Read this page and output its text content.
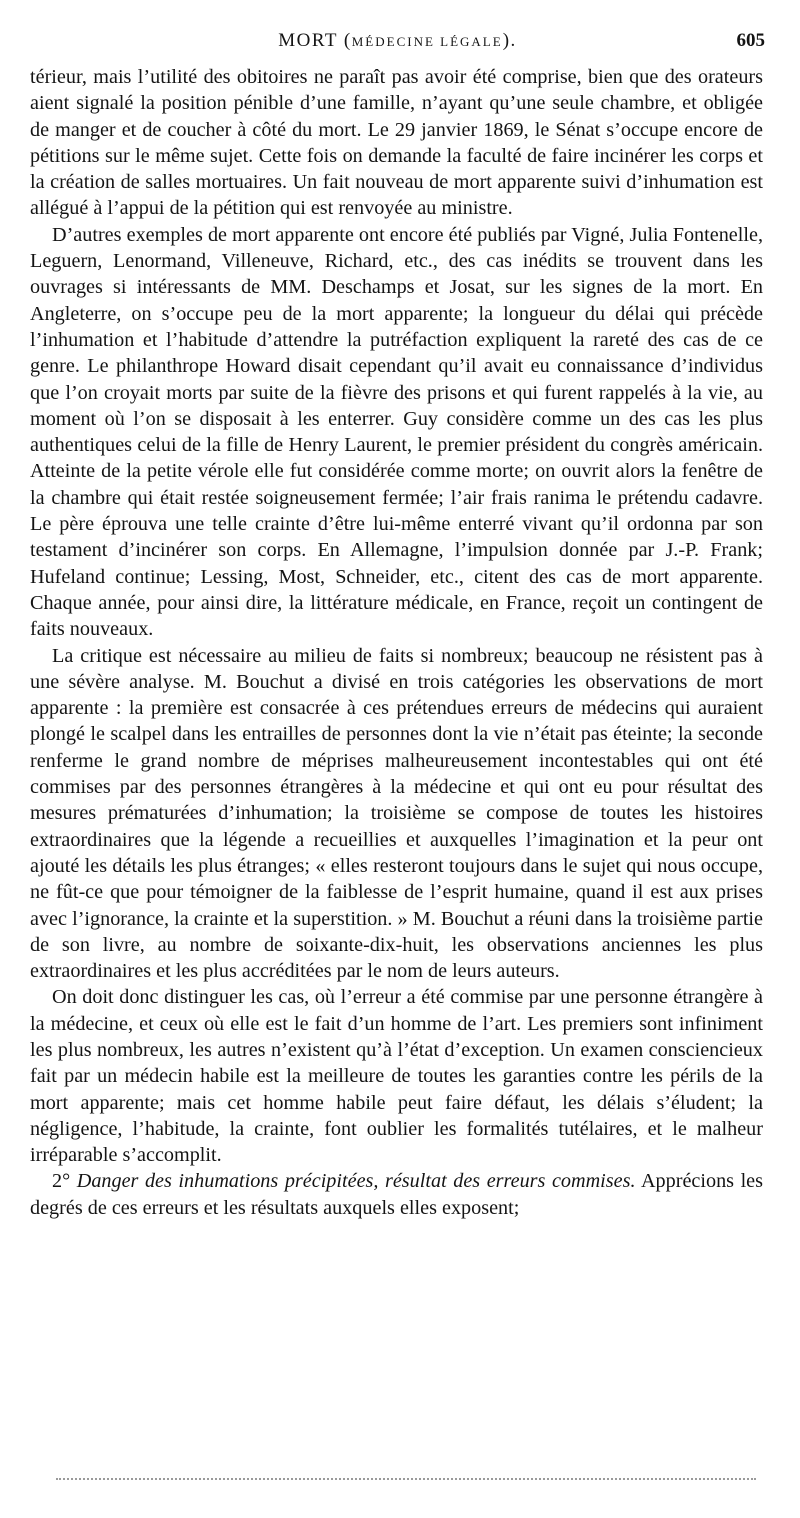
MORT (MÉDECINE LÉGALE).	605

térieur, mais l’utilité des obitoires ne paraît pas avoir été comprise, bien que des orateurs aient signalé la position pénible d’une famille, n’ayant qu’une seule chambre, et obligée de manger et de coucher à côté du mort. Le 29 janvier 1869, le Sénat s’occupe encore de pétitions sur le même sujet. Cette fois on demande la faculté de faire incinérer les corps et la création de salles mortuaires. Un fait nouveau de mort apparente suivi d’inhumation est allégué à l’appui de la pétition qui est renvoyée au ministre.

D’autres exemples de mort apparente ont encore été publiés par Vigné, Julia Fontenelle, Leguern, Lenormand, Villeneuve, Richard, etc., des cas inédits se trouvent dans les ouvrages si intéressants de MM. Deschamps et Josat, sur les signes de la mort. En Angleterre, on s’occupe peu de la mort apparente; la longueur du délai qui précède l’inhumation et l’habitude d’attendre la putréfaction expliquent la rareté des cas de ce genre. Le philanthrope Howard disait cependant qu’il avait eu connaissance d’individus que l’on croyait morts par suite de la fièvre des prisons et qui furent rappelés à la vie, au moment où l’on se disposait à les enterrer. Guy considère comme un des cas les plus authentiques celui de la fille de Henry Laurent, le premier président du congrès américain. Atteinte de la petite vérole elle fut considérée comme morte; on ouvrit alors la fenêtre de la chambre qui était restée soigneusement fermée; l’air frais ranima le prétendu cadavre. Le père éprouva une telle crainte d’être lui-même enterré vivant qu’il ordonna par son testament d’incinérer son corps. En Allemagne, l’impulsion donnée par J.-P. Frank; Hufeland continue; Lessing, Most, Schneider, etc., citent des cas de mort apparente. Chaque année, pour ainsi dire, la littérature médicale, en France, reçoit un contingent de faits nouveaux.

La critique est nécessaire au milieu de faits si nombreux; beaucoup ne résistent pas à une sévère analyse. M. Bouchut a divisé en trois catégories les observations de mort apparente : la première est consacrée à ces prétendues erreurs de médecins qui auraient plongé le scalpel dans les entrailles de personnes dont la vie n’était pas éteinte; la seconde renferme le grand nombre de méprises malheureusement incontestables qui ont été commises par des personnes étrangères à la médecine et qui ont eu pour résultat des mesures prématurées d’inhumation; la troisième se compose de toutes les histoires extraordinaires que la légende a recueillies et auxquelles l’imagination et la peur ont ajouté les détails les plus étranges; « elles resteront toujours dans le sujet qui nous occupe, ne fût-ce que pour témoigner de la faiblesse de l’esprit humaine, quand il est aux prises avec l’ignorance, la crainte et la superstition. » M. Bouchut a réuni dans la troisième partie de son livre, au nombre de soixante-dix-huit, les observations anciennes les plus extraordinaires et les plus accréditées par le nom de leurs auteurs.

On doit donc distinguer les cas, où l’erreur a été commise par une personne étrangère à la médecine, et ceux où elle est le fait d’un homme de l’art. Les premiers sont infiniment les plus nombreux, les autres n’existent qu’à l’état d’exception. Un examen consciencieux fait par un médecin habile est la meilleure de toutes les garanties contre les périls de la mort apparente; mais cet homme habile peut faire défaut, les délais s’éludent; la négligence, l’habitude, la crainte, font oublier les formalités tutélaires, et le malheur irréparable s’accomplit.

2° Danger des inhumations précipitées, résultat des erreurs commises. Apprécions les degrés de ces erreurs et les résultats auxquels elles exposent;
